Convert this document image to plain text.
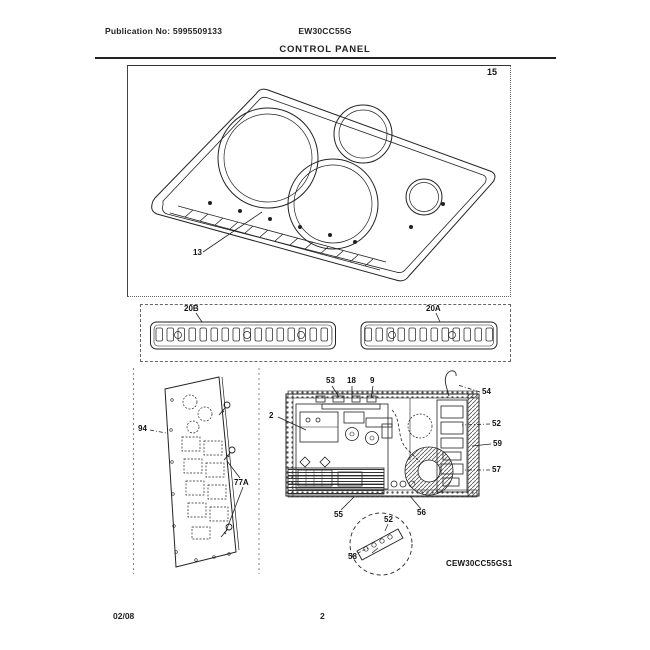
Publication No: 5995509133	EW30CC55G
CONTROL PANEL
15
13
20B	20A
94
77A
2
53 18 9
54
52
59
57
55	56
52
58
CEW30CC55GS1
02/08	2
